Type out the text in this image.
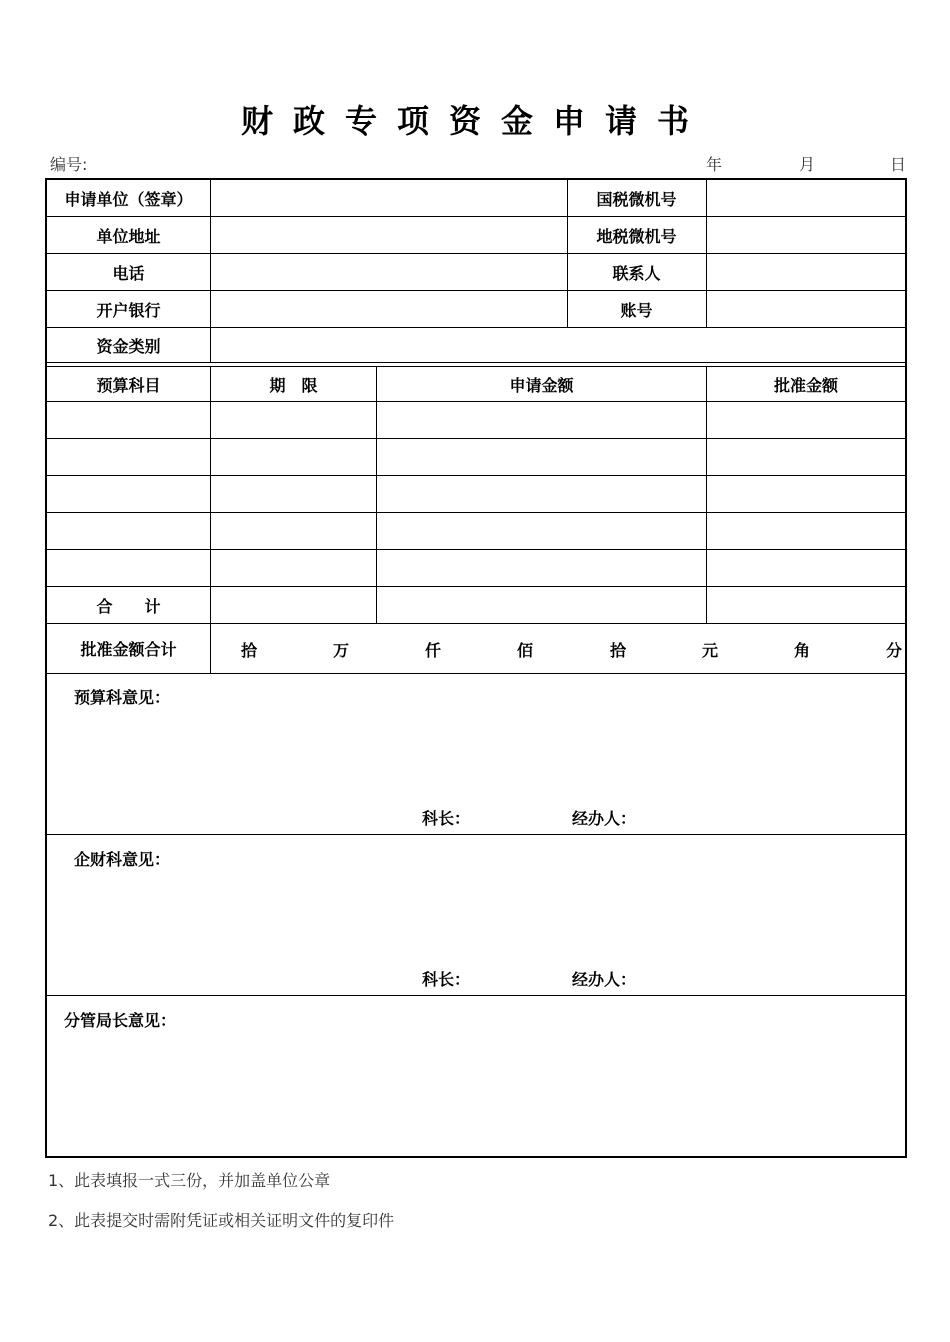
财政专项资金申请书
编号:	年	月	日
申请单位（签章）	国税微机号
单位地址	地税微机号
电话	联系人
开户银行	账号
资金类别
预算科目	期　限	申请金额	批准金额
合　　计
批准金额合计	拾	万	仟	佰	拾	元	角	分
预算科意见：
科长：	经办人：
企财科意见：
科长：	经办人：
分管局长意见：
1、此表填报一式三份，并加盖单位公章
2、此表提交时需附凭证或相关证明文件的复印件
